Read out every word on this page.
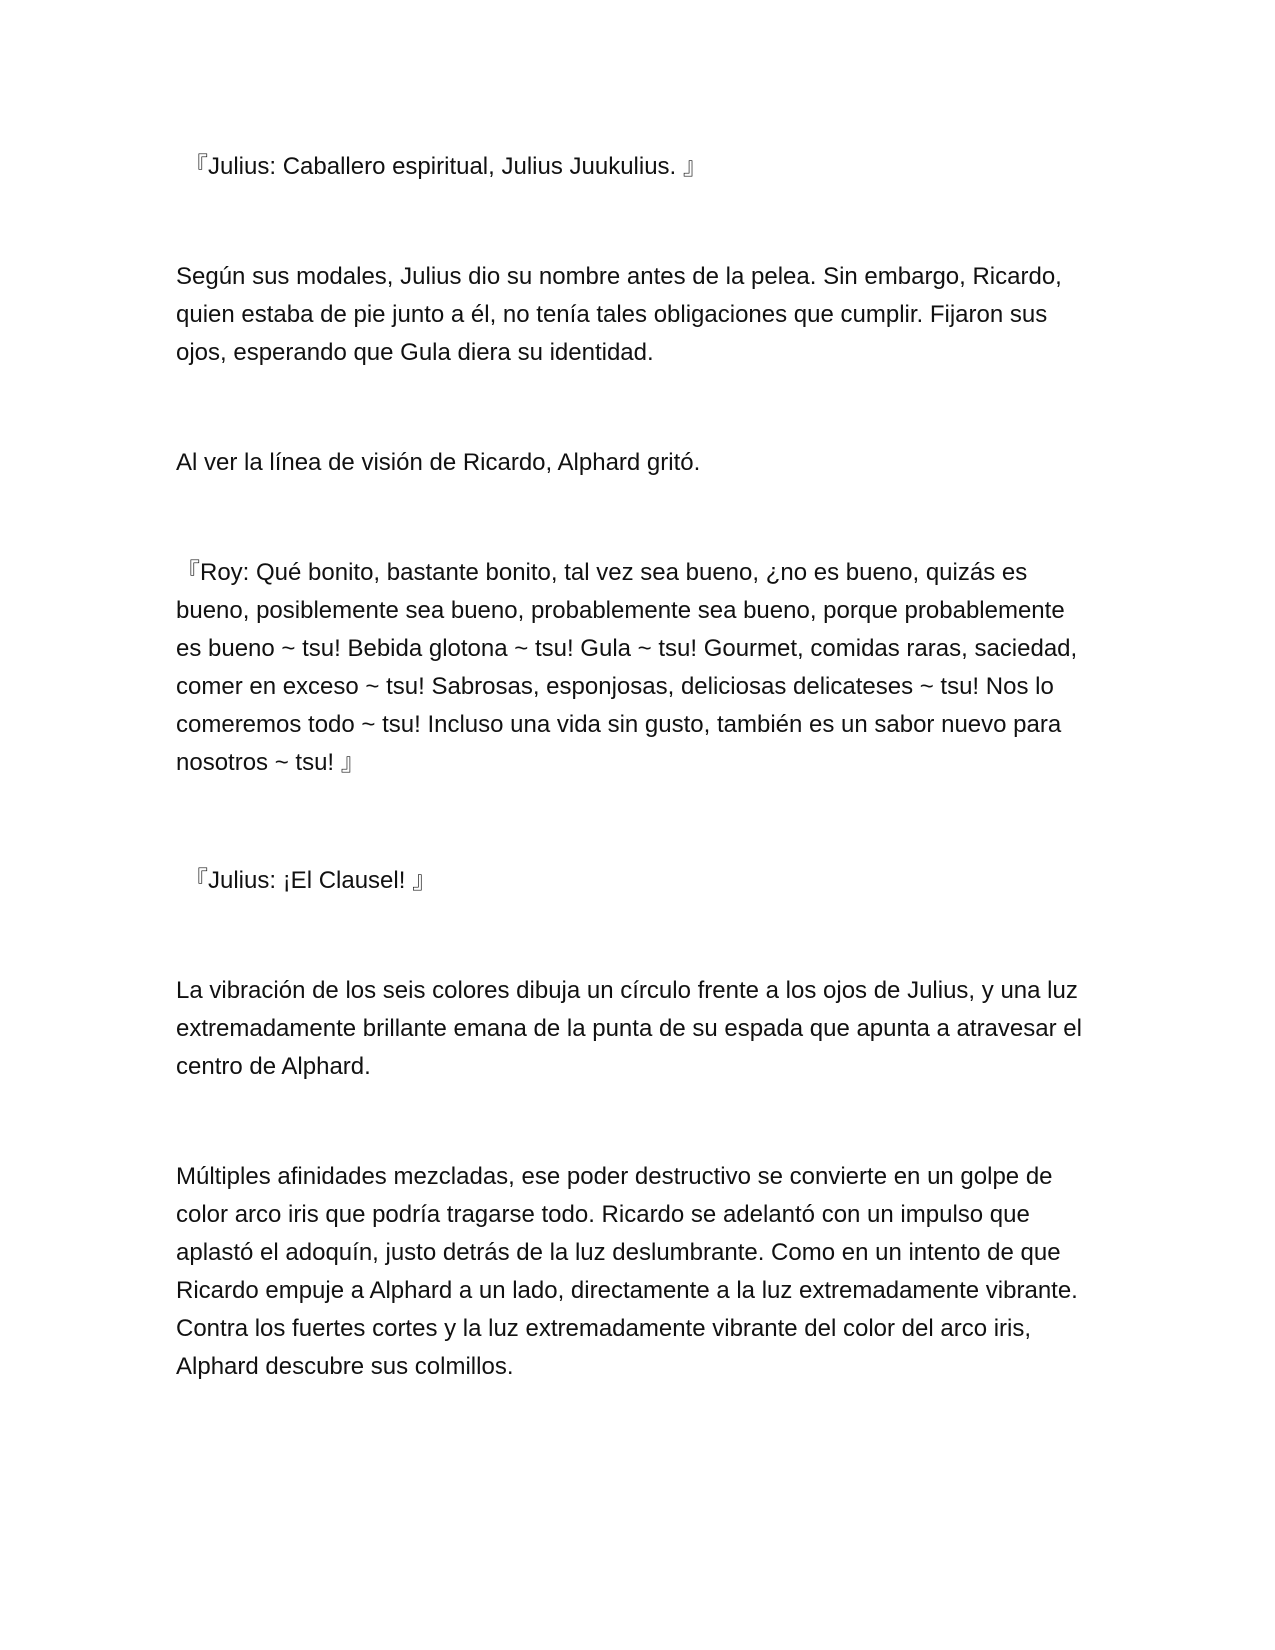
『Julius: Caballero espiritual, Julius Juukulius. 』

Según sus modales, Julius dio su nombre antes de la pelea. Sin embargo, Ricardo, quien estaba de pie junto a él, no tenía tales obligaciones que cumplir. Fijaron sus ojos, esperando que Gula diera su identidad.

Al ver la línea de visión de Ricardo, Alphard gritó.

『Roy: Qué bonito, bastante bonito, tal vez sea bueno, ¿no es bueno, quizás es bueno, posiblemente sea bueno, probablemente sea bueno, porque probablemente es bueno ~ tsu! Bebida glotona ~ tsu! Gula ~ tsu! Gourmet, comidas raras, saciedad, comer en exceso ~ tsu! Sabrosas, esponjosas, deliciosas delicateses ~ tsu! Nos lo comeremos todo ~ tsu! Incluso una vida sin gusto, también es un sabor nuevo para nosotros ~ tsu! 』

『Julius: ¡El Clausel! 』

La vibración de los seis colores dibuja un círculo frente a los ojos de Julius, y una luz extremadamente brillante emana de la punta de su espada que apunta a atravesar el centro de Alphard.

Múltiples afinidades mezcladas, ese poder destructivo se convierte en un golpe de color arco iris que podría tragarse todo. Ricardo se adelantó con un impulso que aplastó el adoquín, justo detrás de la luz deslumbrante. Como en un intento de que Ricardo empuje a Alphard a un lado, directamente a la luz extremadamente vibrante. Contra los fuertes cortes y la luz extremadamente vibrante del color del arco iris, Alphard descubre sus colmillos.
